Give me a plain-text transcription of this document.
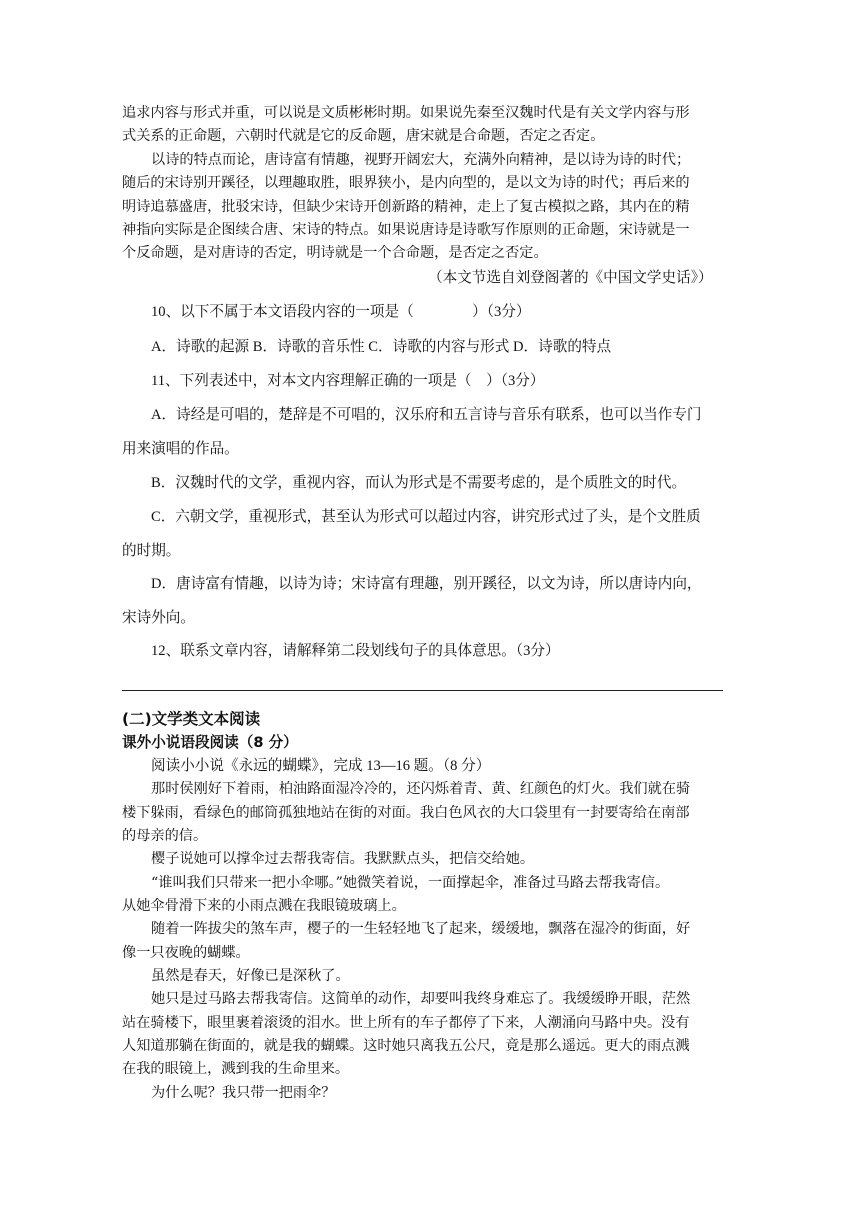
追求内容与形式并重，可以说是文质彬彬时期。如果说先秦至汉魏时代是有关文学内容与形
式关系的正命题，六朝时代就是它的反命题，唐宋就是合命题，否定之否定。
以诗的特点而论，唐诗富有情趣，视野开阔宏大，充满外向精神，是以诗为诗的时代；
随后的宋诗别开蹊径，以理趣取胜，眼界狭小，是内向型的，是以文为诗的时代；再后来的
明诗追慕盛唐，批驳宋诗，但缺少宋诗开创新路的精神，走上了复古模拟之路，其内在的精
神指向实际是企图续合唐、宋诗的特点。如果说唐诗是诗歌写作原则的正命题，宋诗就是一
个反命题，是对唐诗的否定，明诗就是一个合命题，是否定之否定。
（本文节选自刘登阁著的《中国文学史话》）
10、以下不属于本文语段内容的一项是（　　　　）（3分）
A．诗歌的起源 B．诗歌的音乐性 C．诗歌的内容与形式 D．诗歌的特点
11、下列表述中，对本文内容理解正确的一项是（　）（3分）
A．诗经是可唱的，楚辞是不可唱的，汉乐府和五言诗与音乐有联系，也可以当作专门
用来演唱的作品。
B．汉魏时代的文学，重视内容，而认为形式是不需要考虑的，是个质胜文的时代。
C．六朝文学，重视形式，甚至认为形式可以超过内容，讲究形式过了头，是个文胜质
的时期。
D．唐诗富有情趣，以诗为诗；宋诗富有理趣，别开蹊径，以文为诗，所以唐诗内向，
宋诗外向。
12、联系文章内容，请解释第二段划线句子的具体意思。（3分）
(二)文学类文本阅读
课外小说语段阅读（8 分）
阅读小小说《永远的蝴蝶》，完成 13—16 题。（8 分）
那时侯刚好下着雨，柏油路面湿冷冷的，还闪烁着青、黄、红颜色的灯火。我们就在骑
楼下躲雨，看绿色的邮筒孤独地站在街的对面。我白色风衣的大口袋里有一封要寄给在南部
的母亲的信。
樱子说她可以撑伞过去帮我寄信。我默默点头，把信交给她。
“谁叫我们只带来一把小伞哪。”她微笑着说，一面撑起伞，准备过马路去帮我寄信。
从她伞骨滑下来的小雨点溅在我眼镜玻璃上。
随着一阵拔尖的煞车声，樱子的一生轻轻地飞了起来，缓缓地，飘落在湿冷的街面，好
像一只夜晚的蝴蝶。
虽然是春天，好像已是深秋了。
她只是过马路去帮我寄信。这简单的动作，却要叫我终身难忘了。我缓缓睁开眼，茫然
站在骑楼下，眼里裹着滚烫的泪水。世上所有的车子都停了下来，人潮涌向马路中央。没有
人知道那躺在街面的，就是我的蝴蝶。这时她只离我五公尺，竟是那么遥远。更大的雨点溅
在我的眼镜上，溅到我的生命里来。
为什么呢？我只带一把雨伞？
